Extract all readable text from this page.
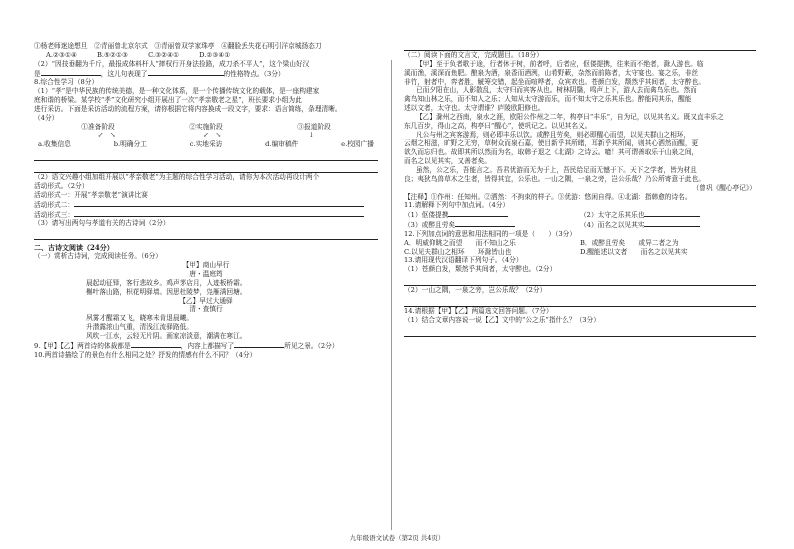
①杨老师迷途想旦　②青丽曾北京尔式　③青丽曾双学家珠亭　④翻脸丢失花石明引洋京城扬态刀
A.②③①④　　　B.⑤②①③　　　C.③②④①　　　D.②③④①
（2）“因技垂翻为千斤，最报成体料杆人”摔权行开身法捡路，成刀杀不平人”，这个梁山好汉
是	，这儿句表现了	的性格特点。（3分）
8.综合性学习（8分）
（1）“孝”是中华民族的传统美德，是一种文化体系，是一个传播传统文化的载体，是一座构建家
庭和谐的桥梁。某学校“孝”文化研究小组开展出了一次“孝亲敬老之星”，班长要求小组为此
进行采访。下面是采访活动的流程方案，请你根据它将内容换成一段文字，要求：语言简练，条理清晰。
（4分）
①准备阶段	②实施阶段	③报道阶段
↙　↘	↙　↘	↓
a.收集信息	b.明确分工	c.实地采访	d.编审稿件	e.校园广播
（2）语文兴趣小组加组开展以“孝亲敬老”为主题的综合性学习活动，请你为本次活动再设计两个
活动形式。（2分）
活动形式一：开展“孝亲敬老”演讲比赛
活动形式二：
活动形式三：
（3）请写出两句与孝道有关的古诗词（2分）
二、古诗文阅读（24分）
（一）赏析古诗词，完成阅读任务。（6分）
【甲】商山早行
唐・温庭筠
晨起动征铎，客行悲故乡。鸡声茅店月，人迹板桥霜。
槲叶落山路，枳花明驿墙。因思杜陵梦，凫雁满回塘。
【乙】早过大通驿
清・查慎行
夙雾才醒霜又飞，晓寒未肯退晨曦。
升潜露浓山气重，清浅江流驿路低。
风吹一江水，云轻无片阴。画家凉淡意，潮满在寒江。
9.【甲】【乙】两首诗的体裁都是	，内容上都描写了	所见之景。（2分）
10.两首诗描绘了的景色有什么相同之处？抒发的情感有什么不同？（4分）
（二）阅读下面的文言文，完成题目。（18分）
【甲】至于负者歌于途，行者休于树，前者呼，后者应，伛偻提携，往来而不绝者，滁人游也。临
溪而渔，溪深而鱼肥。酿泉为酒，泉香而酒洌，山肴野蔌，杂然而前陈者，太守宴也。宴之乐，非丝
非竹，射者中，弈者胜，觥筹交错，起坐而喧哗者，众宾欢也。苍颜白发，颓然乎其间者，太守醉也。
已而夕阳在山，人影散乱，太守归而宾客从也。树林阴翳，鸣声上下，游人去而禽鸟乐也。然而
禽鸟知山林之乐，而不知人之乐；人知从太守游而乐，而不知太守之乐其乐也。醉能同其乐，醒能
述以文者，太守也。太守谓谁？庐陵欧阳修也。
【乙】滁州之西南，泉水之涯，欧阳公作州之二年，构亭曰“丰乐”，自为记，以见其名义。既又直丰乐之
东几百步，得山之高，构亭曰“醒心”，使巩记之。以见其名义。
凡公与州之宾客游焉，则必即丰乐以饮。或醉且劳矣，则必即醒心而望，以见夫群山之相环，
云烟之相滋，旷野之无穷，草树众而泉石嘉，使目新乎其所睹，耳新乎其所闻，则其心洒然而醒，更
欲久而忘归也。故即其所以然而为名，取韩子退之《北湖》之诗云。噫！其可谓善取乐于山泉之间，
而名之以见其实，又善者矣。
虽然，公之乐，吾能言之。吾君优游而无为于上，吾民给足而无憾于下。天下之学者，皆为材且
良；夷狄鸟兽草木之生者，皆得其宜，公乐也。一山之隅，一泉之旁，岂公乐哉？乃公所寄意于此也。
（曾巩《醒心亭记》）
【注释】①作州：任知州。②洒然：不拘束的样子。③优游：悠闲自得。④北湖：指韩愈的诗名。
11.请解释下列句中加点词。（4分）
（1）伛偻提携	（2）太守之乐其乐也
（3）或醉且劳矣	（4）而名之以见其实
12.下列加点词的意思和用法相同的一项是（　　）（3分）
A．明威仰眺之而望　　而不知山之乐	B．或醉且劳矣　　或异二者之为
C.以见夫群山之相环　　环滁皆山也	D.醒能述以文者　　而名之以见其实
13.请用现代汉语翻译下列句子。（4分）
（1）苍颜白发，颓然乎其间者，太守醉也。（2分）
（2）一山之隅，一泉之旁，岂公乐哉？（2分）
14.请根据【甲】【乙】两篇选文回答问题。（7分）
（1）结合文章内容说一说【乙】文中的“公之乐”指什么？（3分）
九年级语文试卷（第2页 共4页）
